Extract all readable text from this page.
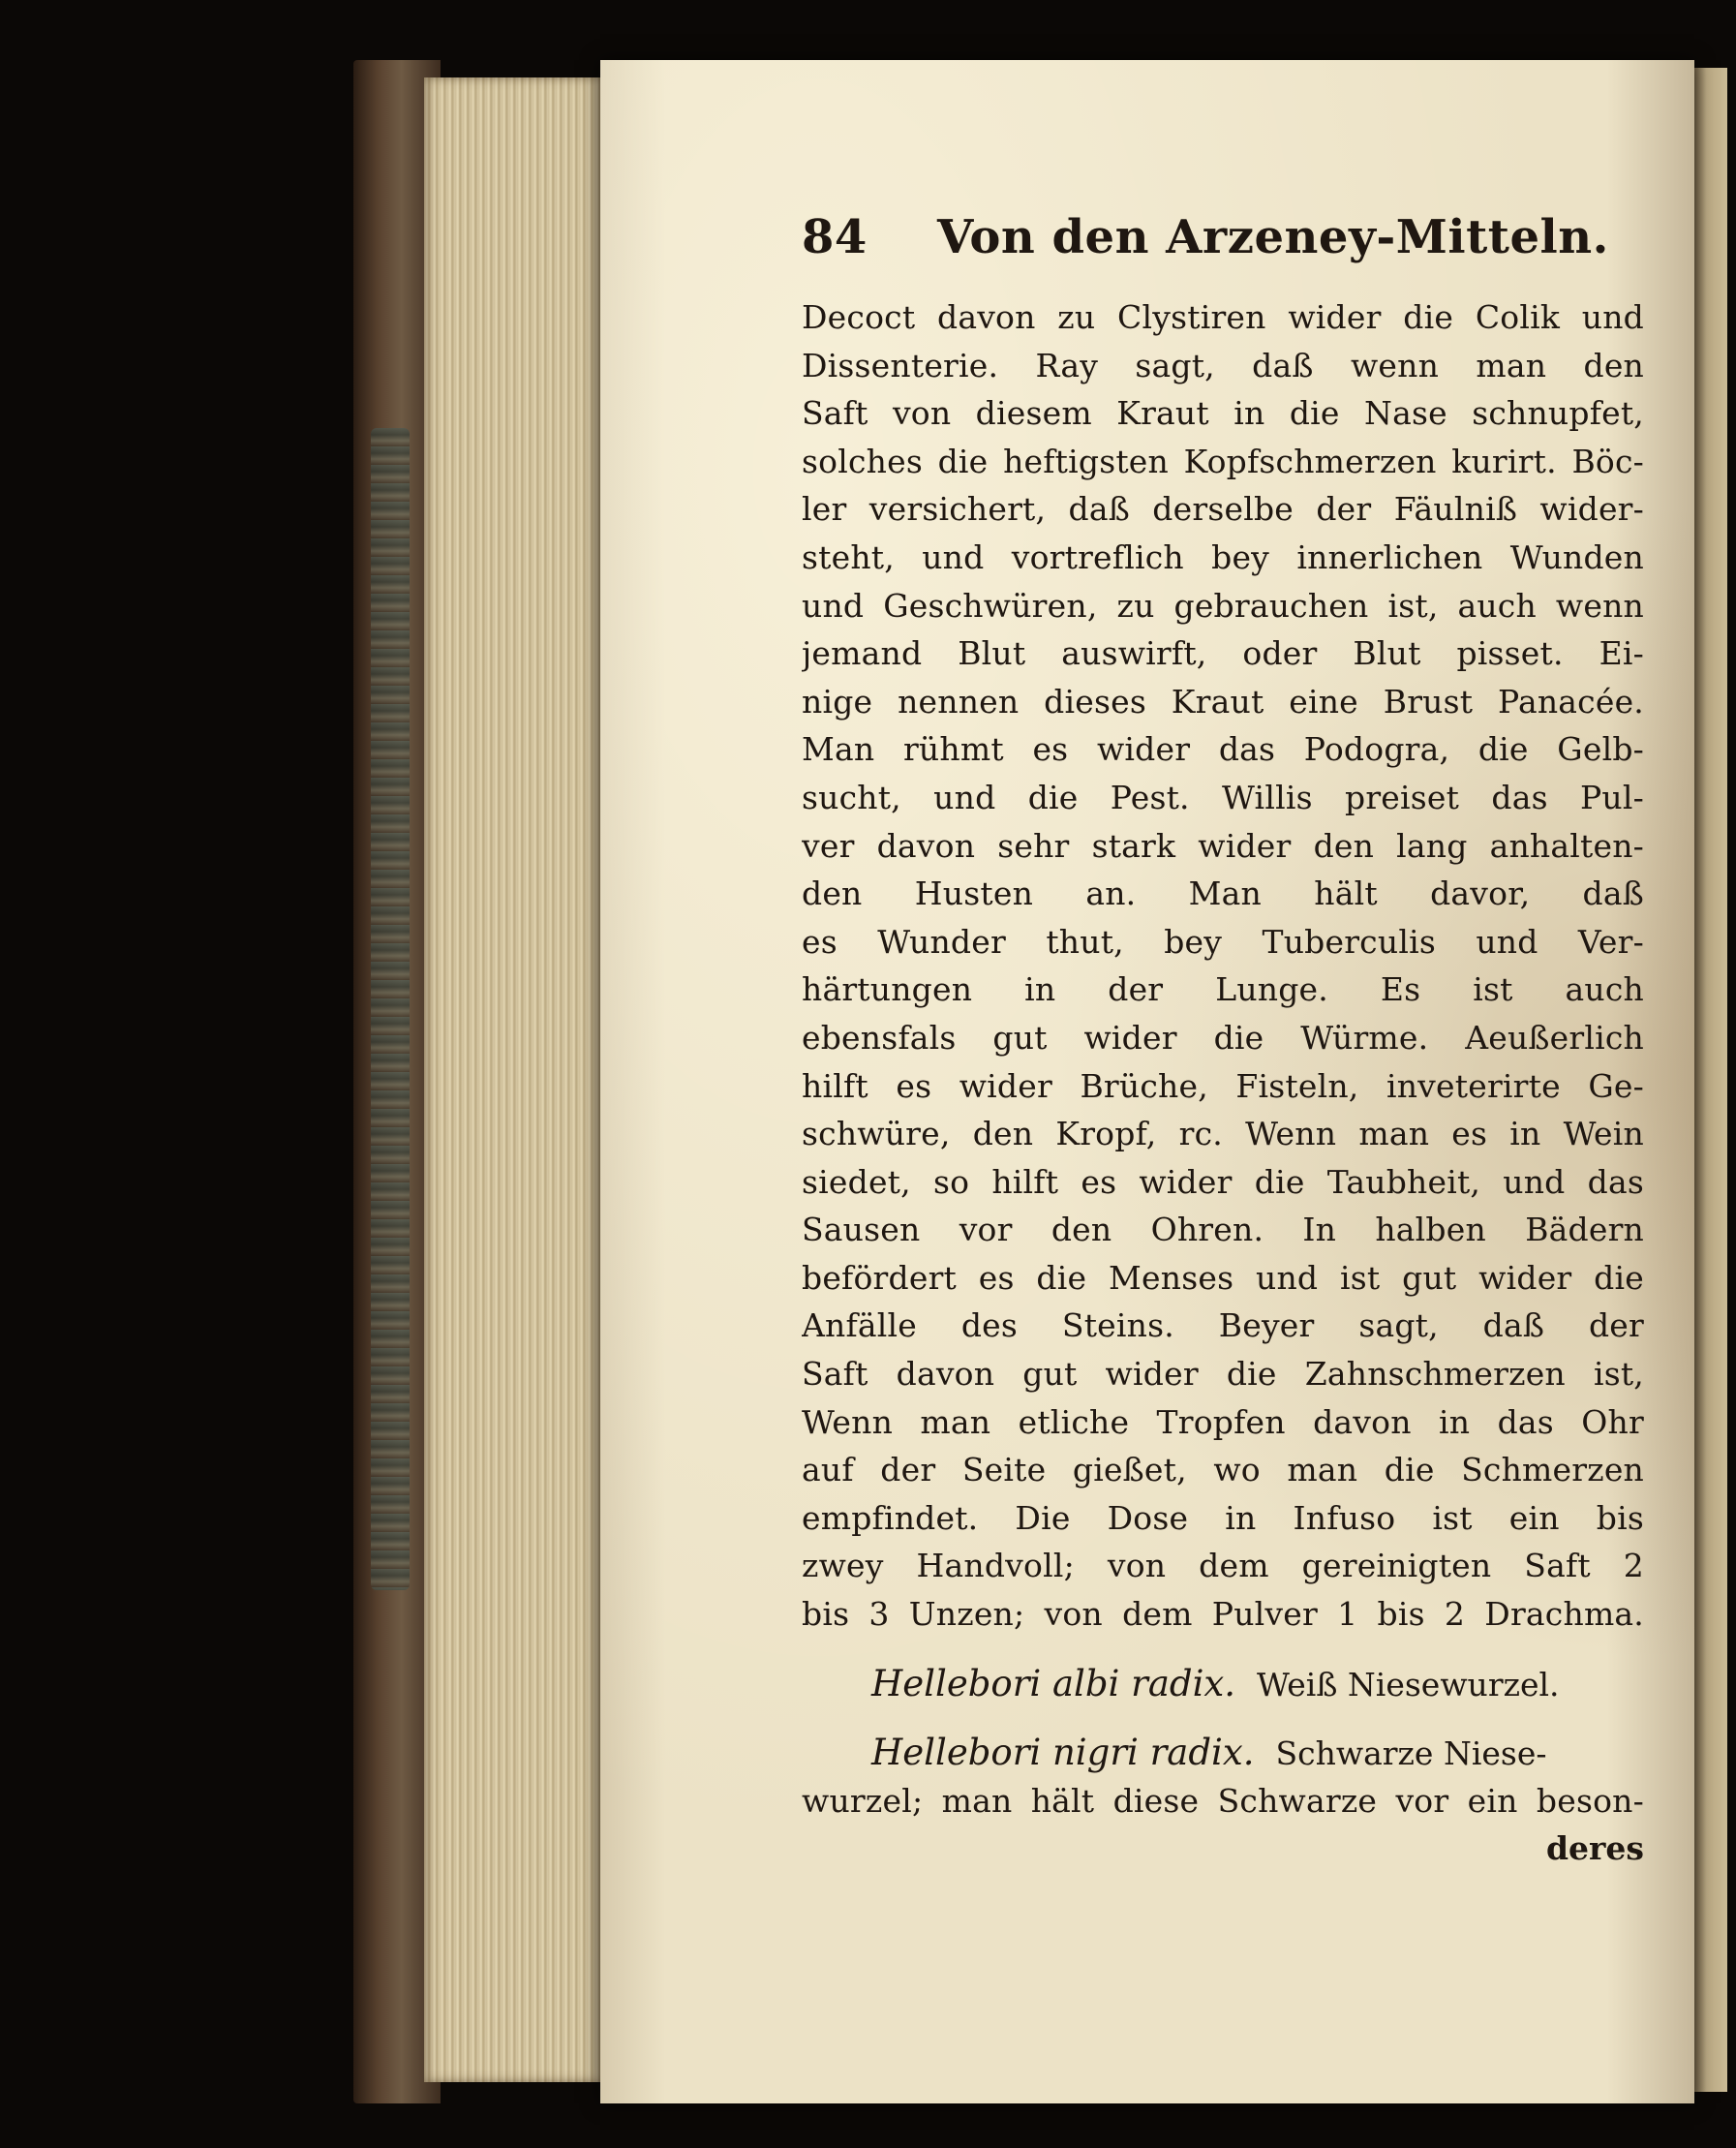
84 Von den Arzeney-Mitteln.
Decoct davon zu Clystiren wider die Colik und
Dissenterie. Ray sagt, daß wenn man den
Saft von diesem Kraut in die Nase schnupfet,
solches die heftigsten Kopfschmerzen kurirt. Böc-
ler versichert, daß derselbe der Fäulniß wider-
steht, und vortreflich bey innerlichen Wunden
und Geschwüren, zu gebrauchen ist, auch wenn
jemand Blut auswirft, oder Blut pisset. Ei-
nige nennen dieses Kraut eine Brust Panacée.
Man rühmt es wider das Podogra, die Gelb-
sucht, und die Pest. Willis preiset das Pul-
ver davon sehr stark wider den lang anhalten-
den Husten an. Man hält davor, daß
es Wunder thut, bey Tuberculis und Ver-
härtungen in der Lunge. Es ist auch
ebensfals gut wider die Würme. Aeußerlich
hilft es wider Brüche, Fisteln, inveterirte Ge-
schwüre, den Kropf, rc. Wenn man es in Wein
siedet, so hilft es wider die Taubheit, und das
Sausen vor den Ohren. In halben Bädern
befördert es die Menses und ist gut wider die
Anfälle des Steins. Beyer sagt, daß der
Saft davon gut wider die Zahnschmerzen ist,
Wenn man etliche Tropfen davon in das Ohr
auf der Seite gießet, wo man die Schmerzen
empfindet. Die Dose in Infuso ist ein bis
zwey Handvoll; von dem gereinigten Saft 2
bis 3 Unzen; von dem Pulver 1 bis 2 Drachma.
Hellebori albi radix. Weiß Niesewurzel.
Hellebori nigri radix. Schwarze Niese-
wurzel; man hält diese Schwarze vor ein beson-
deres
